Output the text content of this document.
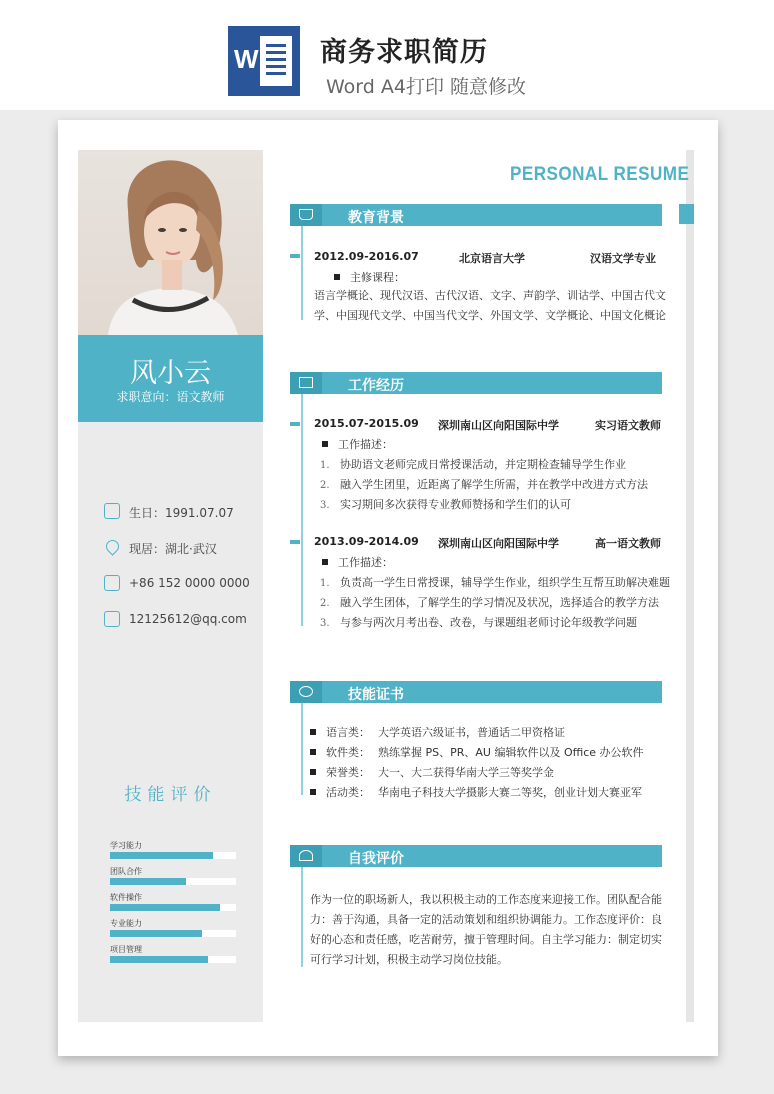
W 商务求职简历
Word A4打印 随意修改
风小云
求职意向：语文教师
生日：1991.07.07
现居：湖北·武汉
+86 152 0000 0000
12125612@qq.com
技能评价
学习能力
团队合作
软件操作
专业能力
项目管理
PERSONAL RESUME
教育背景
2012.09-2016.07	北京语言大学	汉语文学专业
主修课程：
语言学概论、现代汉语、古代汉语、文字、声韵学、训诂学、中国古代文
学、中国现代文学、中国当代文学、外国文学、文学概论、中国文化概论
工作经历
2015.07-2015.09 深圳南山区向阳国际中学	实习语文教师
工作描述：
1. 协助语文老师完成日常授课活动，并定期检查辅导学生作业
2. 融入学生团里，近距离了解学生所需，并在教学中改进方式方法
3. 实习期间多次获得专业教师赞扬和学生们的认可
2013.09-2014.09 深圳南山区向阳国际中学	高一语文教师
工作描述：
1. 负责高一学生日常授课，辅导学生作业，组织学生互帮互助解决难题
2. 融入学生团体，了解学生的学习情况及状况，选择适合的教学方法
3. 与参与两次月考出卷、改卷，与课题组老师讨论年级教学问题
技能证书
语言类： 大学英语六级证书，普通话二甲资格证
软件类： 熟练掌握 PS、PR、AU 编辑软件以及 Office 办公软件
荣誉类： 大一、大二获得华南大学三等奖学金
活动类： 华南电子科技大学摄影大赛二等奖，创业计划大赛亚军
自我评价
作为一位的职场新人，我以积极主动的工作态度来迎接工作。团队配合能
力：善于沟通，具备一定的活动策划和组织协调能力。工作态度评价：良
好的心态和责任感，吃苦耐劳，擅于管理时间。自主学习能力：制定切实
可行学习计划，积极主动学习岗位技能。
